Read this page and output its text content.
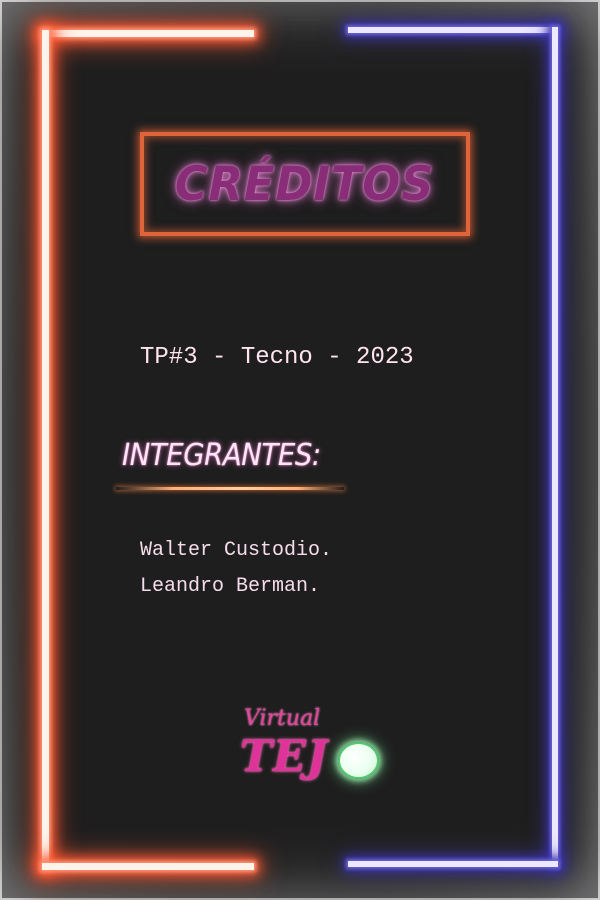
CRÉDITOS
TP#3 - Tecno - 2023
INTEGRANTES:
Walter Custodio.
Leandro Berman.
Virtual
TEJ
